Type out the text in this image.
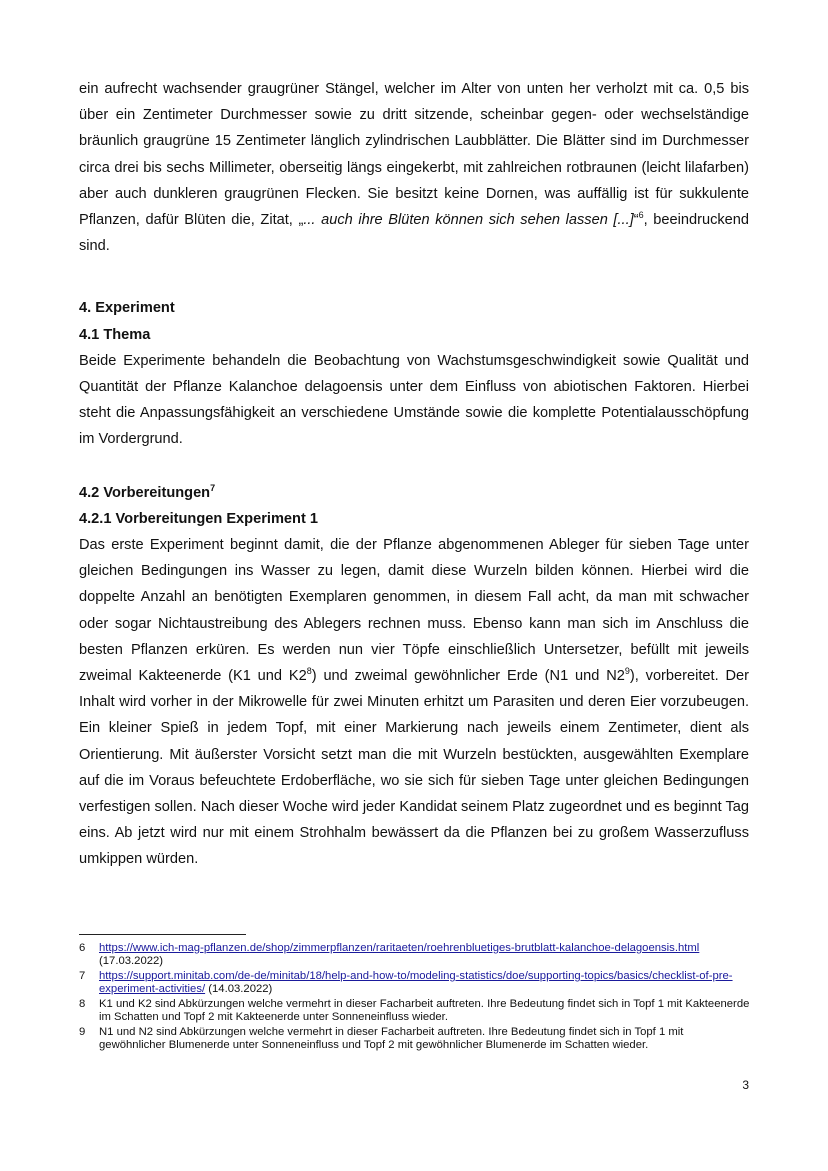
ein aufrecht wachsender graugrüner Stängel, welcher im Alter von unten her verholzt mit ca. 0,5 bis über ein Zentimeter Durchmesser sowie zu dritt sitzende, scheinbar gegen- oder wechselständige bräunlich graugrüne 15 Zentimeter länglich zylindrischen Laubblätter. Die Blätter sind im Durchmesser circa drei bis sechs Millimeter, oberseitig längs eingekerbt, mit zahlreichen rotbraunen (leicht lilafarben) aber auch dunkleren graugrünen Flecken. Sie besitzt keine Dornen, was auffällig ist für sukkulente Pflanzen, dafür Blüten die, Zitat, „... auch ihre Blüten können sich sehen lassen [...]“$^6$, beeindruckend sind.

4. Experiment
4.1 Thema

Beide Experimente behandeln die Beobachtung von Wachstumsgeschwindigkeit sowie Qualität und Quantität der Pflanze Kalanchoe delagoensis unter dem Einfluss von abiotischen Faktoren. Hierbei steht die Anpassungsfähigkeit an verschiedene Umstände sowie die komplette Potentialausschöpfung im Vordergrund.

4.2 Vorbereitungen$^7$
4.2.1 Vorbereitungen Experiment 1

Das erste Experiment beginnt damit, die der Pflanze abgenommenen Ableger für sieben Tage unter gleichen Bedingungen ins Wasser zu legen, damit diese Wurzeln bilden können. Hierbei wird die doppelte Anzahl an benötigten Exemplaren genommen, in diesem Fall acht, da man mit schwacher oder sogar Nichtaustreibung des Ablegers rechnen muss. Ebenso kann man sich im Anschluss die besten Pflanzen erküren. Es werden nun vier Töpfe einschließlich Untersetzer, befüllt mit jeweils zweimal Kakteenerde (K1 und $K2^8$) und zweimal gewöhnlicher Erde (N1 und $N2^9$), vorbereitet. Der Inhalt wird vorher in der Mikrowelle für zwei Minuten erhitzt um Parasiten und deren Eier vorzubeugen. Ein kleiner Spieß in jedem Topf, mit einer Markierung nach jeweils einem Zentimeter, dient als Orientierung. Mit äußerster Vorsicht setzt man die mit Wurzeln bestückten, ausgewählten Exemplare auf die im Voraus befeuchtete Erdoberfläche, wo sie sich für sieben Tage unter gleichen Bedingungen verfestigen sollen. Nach dieser Woche wird jeder Kandidat seinem Platz zugeordnet und es beginnt Tag eins. Ab jetzt wird nur mit einem Strohhalm bewässert da die Pflanzen bei zu großem Wasserzufluss umkippen würden.

6	https://www.ich-mag-pflanzen.de/shop/zimmerpflanzen/raritaeten/roehrenbluetiges-brutblatt-kalanchoe-delagoensis.html (17.03.2022)
7	https://support.minitab.com/de-de/minitab/18/help-and-how-to/modeling-statistics/doe/supporting-topics/basics/checklist-of-pre-experiment-activities/ (14.03.2022)
8	K1 und K2 sind Abkürzungen welche vermehrt in dieser Facharbeit auftreten. Ihre Bedeutung findet sich in Topf 1 mit Kakteenerde im Schatten und Topf 2 mit Kakteenerde unter Sonneneinfluss wieder.
9	N1 und N2 sind Abkürzungen welche vermehrt in dieser Facharbeit auftreten. Ihre Bedeutung findet sich in Topf 1 mit gewöhnlicher Blumenerde unter Sonneneinfluss und Topf 2 mit gewöhnlicher Blumenerde im Schatten wieder.
3
